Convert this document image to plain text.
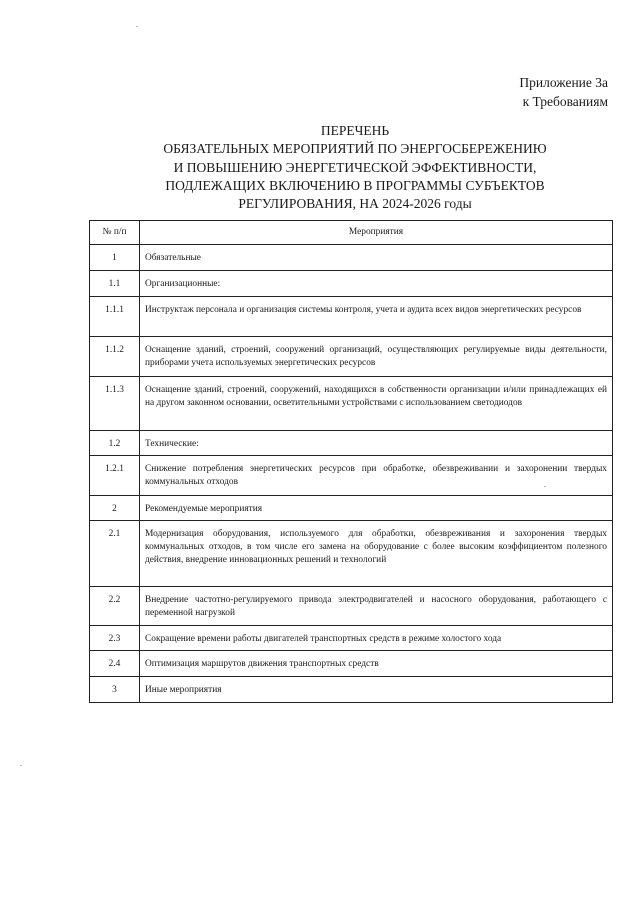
Приложение 3а
к Требованиям
ПЕРЕЧЕНЬ
ОБЯЗАТЕЛЬНЫХ МЕРОПРИЯТИЙ ПО ЭНЕРГОСБЕРЕЖЕНИЮ
И ПОВЫШЕНИЮ ЭНЕРГЕТИЧЕСКОЙ ЭФФЕКТИВНОСТИ,
ПОДЛЕЖАЩИХ ВКЛЮЧЕНИЮ В ПРОГРАММЫ СУБЪЕКТОВ
РЕГУЛИРОВАНИЯ, НА 2024-2026 годы
№ п/п	Мероприятия
1	Обязательные
1.1	Организационные:
1.1.1	Инструктаж персонала и организация системы контроля, учета и аудита всех видов энергетических ресурсов
1.1.2	Оснащение зданий, строений, сооружений организаций, осуществляющих регулируемые виды деятельности, приборами учета используемых энергетических ресурсов
1.1.3	Оснащение зданий, строений, сооружений, находящихся в собственности организации и/или принадлежащих ей на другом законном основании, осветительными устройствами с использованием светодиодов
1.2	Технические:
1.2.1	Снижение потребления энергетических ресурсов при обработке, обезвреживании и захоронении твердых коммунальных отходов
2	Рекомендуемые мероприятия
2.1	Модернизация оборудования, используемого для обработки, обезвреживания и захоронения твердых коммунальных отходов, в том числе его замена на оборудование с более высоким коэффициентом полезного действия, внедрение инновационных решений и технологий
2.2	Внедрение частотно-регулируемого привода электродвигателей и насосного оборудования, работающего с переменной нагрузкой
2.3	Сокращение времени работы двигателей транспортных средств в режиме холостого хода
2.4	Оптимизация маршрутов движения транспортных средств
3	Иные мероприятия
